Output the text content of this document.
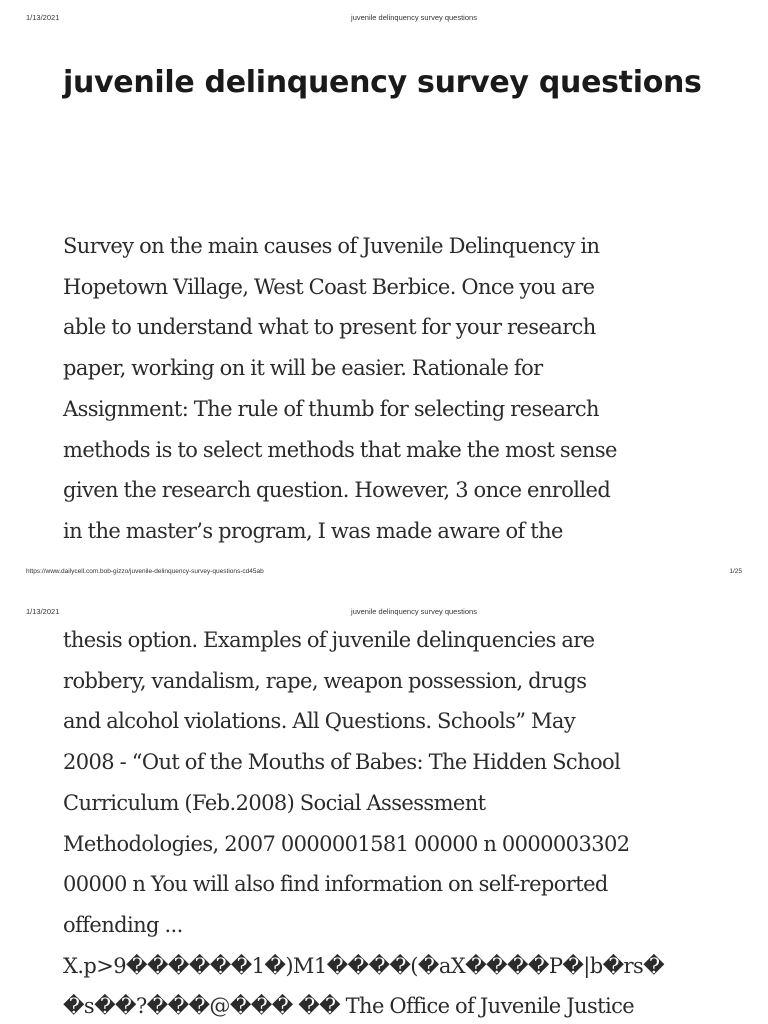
1/13/2021	juvenile delinquency survey questions
juvenile delinquency survey questions
Survey on the main causes of Juvenile Delinquency in
Hopetown Village, West Coast Berbice. Once you are
able to understand what to present for your research
paper, working on it will be easier. Rationale for
Assignment: The rule of thumb for selecting research
methods is to select methods that make the most sense
given the research question. However, 3 once enrolled
in the master’s program, I was made aware of the
https://www.dailycell.com.bob-gizzo/juvenile-delinquency-survey-questions-cd45ab	1/25
1/13/2021	juvenile delinquency survey questions
thesis option. Examples of juvenile delinquencies are
robbery, vandalism, rape, weapon possession, drugs
and alcohol violations. All Questions. Schools” May
2008 - “Out of the Mouths of Babes: The Hidden School
Curriculum (Feb.2008) Social Assessment
Methodologies, 2007 0000001581 00000 n 0000003302
00000 n You will also find information on self-reported
offending ...
X.p>9������1�)M1����(�aX����P�|b�rs�
�s��?���@��� �� The Office of Juvenile Justice
